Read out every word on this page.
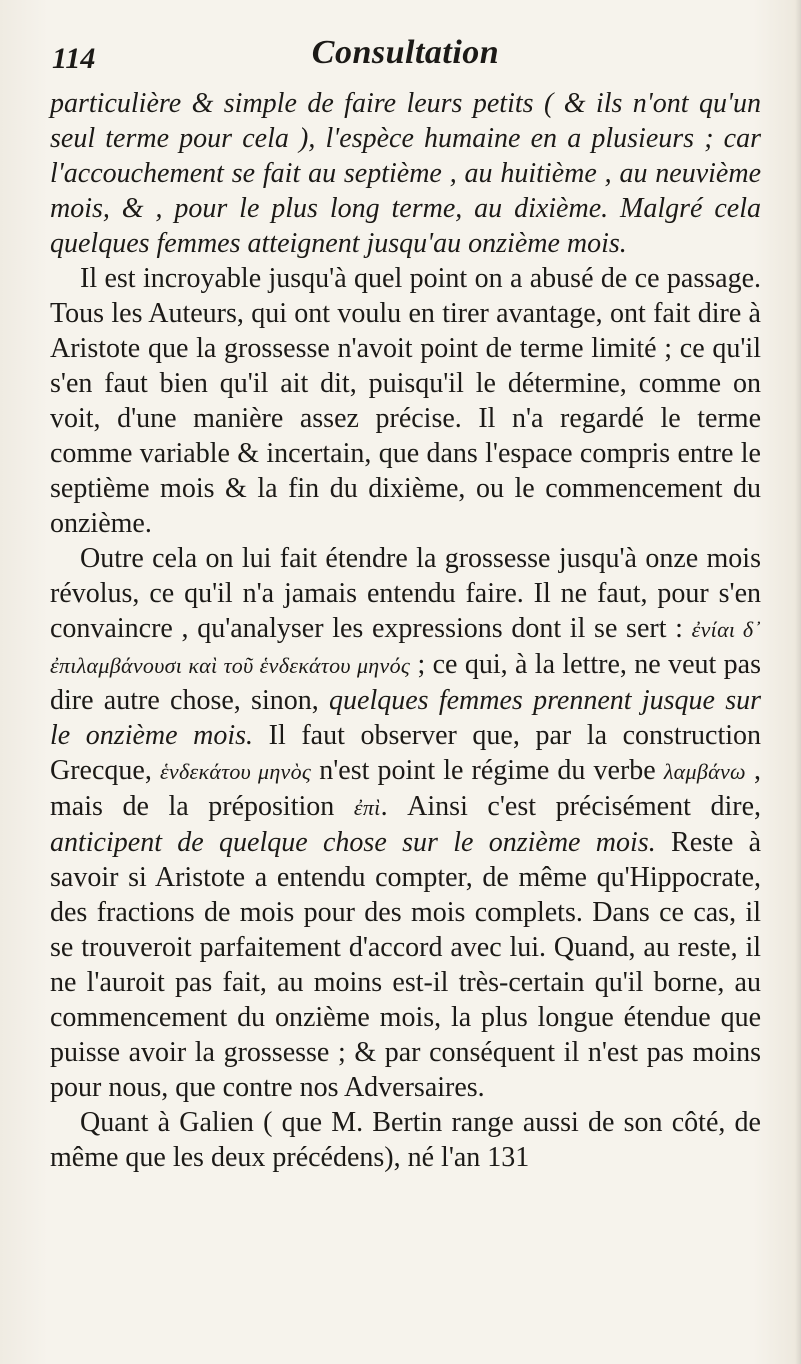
114	Consultation

particulière & simple de faire leurs petits ( & ils n'ont qu'un seul terme pour cela ), l'espèce humaine en a plusieurs ; car l'accouchement se fait au septième , au huitième , au neuvième mois, & , pour le plus long terme, au dixième. Malgré cela quelques femmes atteignent jusqu'au onzième mois.

Il est incroyable jusqu'à quel point on a abusé de ce passage. Tous les Auteurs, qui ont voulu en tirer avantage, ont fait dire à Aristote que la grossesse n'avoit point de terme limité ; ce qu'il s'en faut bien qu'il ait dit, puisqu'il le détermine, comme on voit, d'une manière assez précise. Il n'a regardé le terme comme variable & incertain, que dans l'espace compris entre le septième mois & la fin du dixième, ou le commencement du onzième.

Outre cela on lui fait étendre la grossesse jusqu'à onze mois révolus, ce qu'il n'a jamais entendu faire. Il ne faut, pour s'en convaincre , qu'analyser les expressions dont il se sert : ἐνίαι δ᾽ ἐπιλαμβάνουσι καὶ τοῦ ἑνδεκάτου μηνός ; ce qui, à la lettre, ne veut pas dire autre chose, sinon, quelques femmes prennent jusque sur le onzième mois. Il faut observer que, par la construction Grecque, ἑνδεκάτου μηνὸς n'est point le régime du verbe λαμβάνω , mais de la préposition ἐπὶ. Ainsi c'est précisément dire, anticipent de quelque chose sur le onzième mois. Reste à savoir si Aristote a entendu compter, de même qu'Hippocrate, des fractions de mois pour des mois complets. Dans ce cas, il se trouveroit parfaitement d'accord avec lui. Quand, au reste, il ne l'auroit pas fait, au moins est-il très-certain qu'il borne, au commencement du onzième mois, la plus longue étendue que puisse avoir la grossesse ; & par conséquent il n'est pas moins pour nous, que contre nos Adversaires.

Quant à Galien ( que M. Bertin range aussi de son côté, de même que les deux précédens), né l'an 131
